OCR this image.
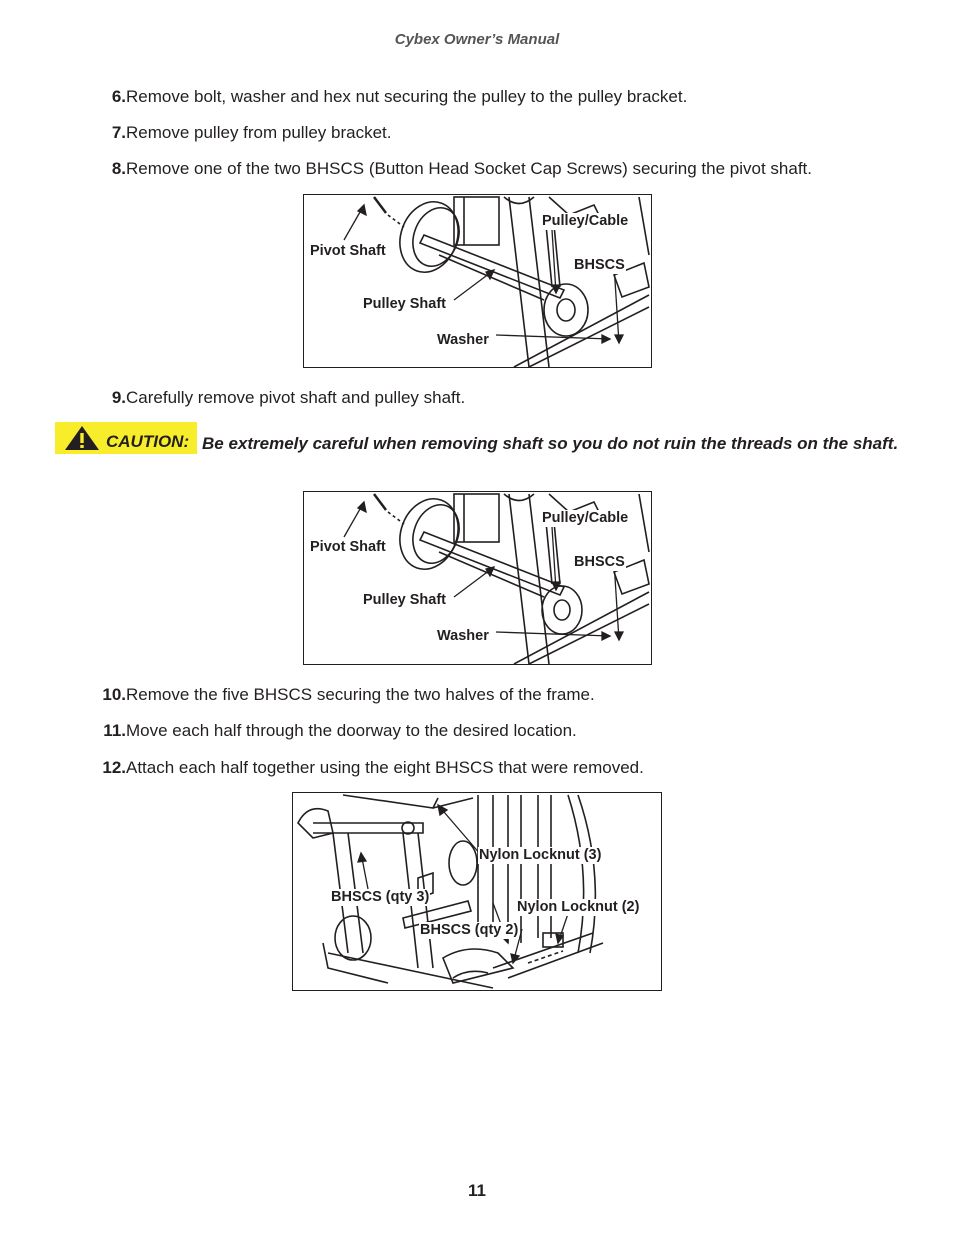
Cybex Owner’s Manual
6. Remove bolt, washer and hex nut securing the pulley to the pulley bracket.
7. Remove pulley from pulley bracket.
8. Remove one of the two BHSCS (Button Head Socket Cap Screws) securing the pivot shaft.
Pivot Shaft
Pulley/Cable
BHSCS
Pulley Shaft
Washer
9. Carefully remove pivot shaft and pulley shaft.
CAUTION: Be extremely careful when removing shaft so you do not ruin the threads on the shaft.
Pivot Shaft
Pulley/Cable
BHSCS
Pulley Shaft
Washer
10. Remove the five BHSCS securing the two halves of the frame.
11. Move each half through the doorway to the desired location.
12. Attach each half together using the eight BHSCS that were removed.
Nylon Locknut (3)
BHSCS (qty 3)
Nylon Locknut (2)
BHSCS (qty 2)
11
